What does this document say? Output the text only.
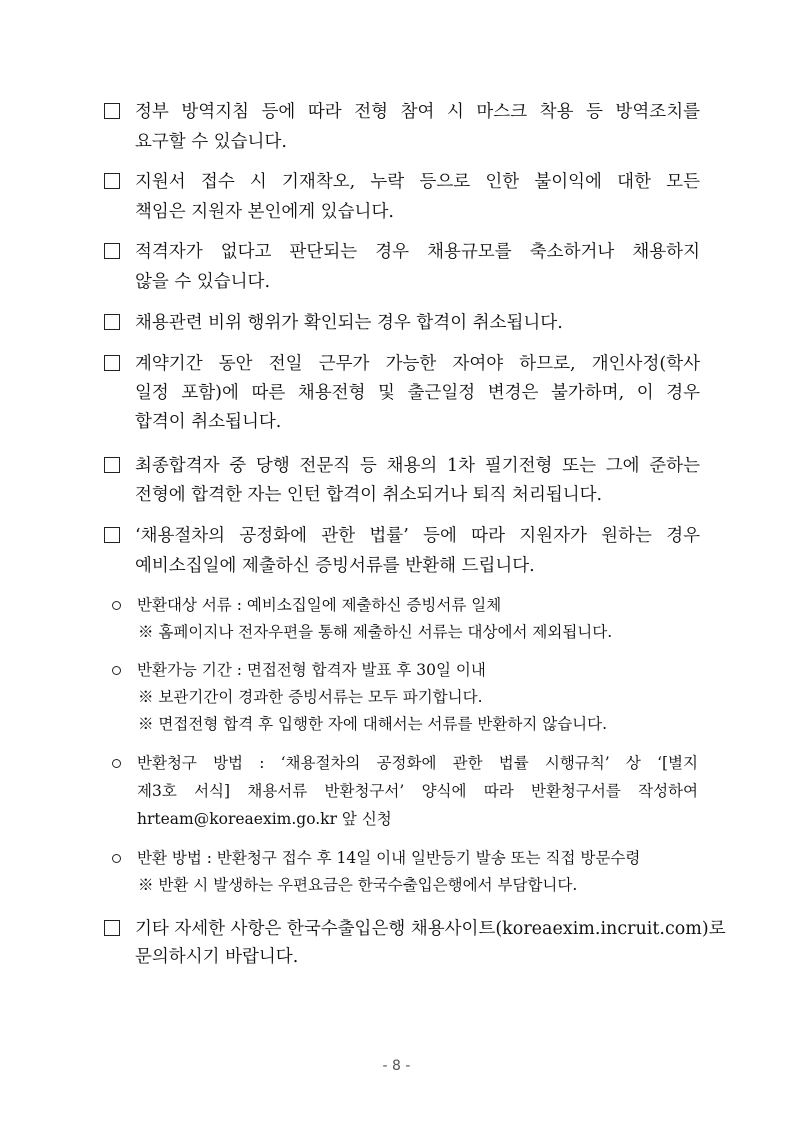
정부 방역지침 등에 따라 전형 참여 시 마스크 착용 등 방역조치를
요구할 수 있습니다.
지원서 접수 시 기재착오, 누락 등으로 인한 불이익에 대한 모든
책임은 지원자 본인에게 있습니다.
적격자가 없다고 판단되는 경우 채용규모를 축소하거나 채용하지
않을 수 있습니다.
채용관련 비위 행위가 확인되는 경우 합격이 취소됩니다.
계약기간 동안 전일 근무가 가능한 자여야 하므로, 개인사정(학사
일정 포함)에 따른 채용전형 및 출근일정 변경은 불가하며, 이 경우
합격이 취소됩니다.
최종합격자 중 당행 전문직 등 채용의 1차 필기전형 또는 그에 준하는
전형에 합격한 자는 인턴 합격이 취소되거나 퇴직 처리됩니다.
‘채용절차의 공정화에 관한 법률’ 등에 따라 지원자가 원하는 경우
예비소집일에 제출하신 증빙서류를 반환해 드립니다.
반환대상 서류 : 예비소집일에 제출하신 증빙서류 일체
※ 홈페이지나 전자우편을 통해 제출하신 서류는 대상에서 제외됩니다.
반환가능 기간 : 면접전형 합격자 발표 후 30일 이내
※ 보관기간이 경과한 증빙서류는 모두 파기합니다.
※ 면접전형 합격 후 입행한 자에 대해서는 서류를 반환하지 않습니다.
반환청구 방법 : ‘채용절차의 공정화에 관한 법률 시행규칙’ 상 ‘[별지
제3호 서식] 채용서류 반환청구서’ 양식에 따라 반환청구서를 작성하여
hrteam@koreaexim.go.kr 앞 신청
반환 방법 : 반환청구 접수 후 14일 이내 일반등기 발송 또는 직접 방문수령
※ 반환 시 발생하는 우편요금은 한국수출입은행에서 부담합니다.
기타 자세한 사항은 한국수출입은행 채용사이트(koreaexim.incruit.com)로
문의하시기 바랍니다.
- 8 -
